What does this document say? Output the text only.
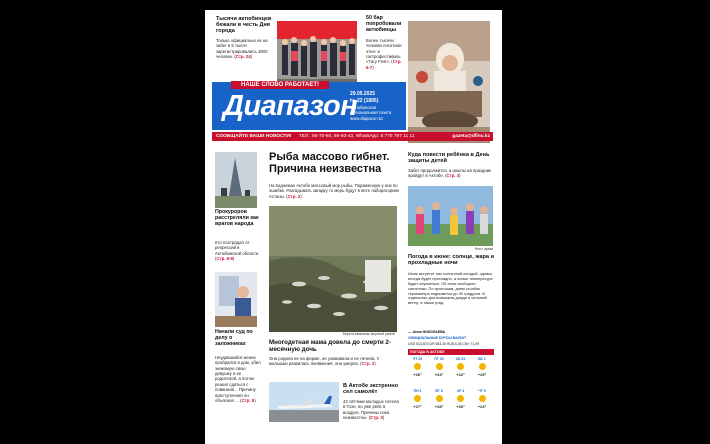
Тысячи актюбинцев бежали в честь Дня города
Только официально их на забег в 5 тысяч зарегистрировались 1800 человек. (Стр. 24)
50 бар попробовали актюбинцы
Более тысячи человек посетили этно- и гастрофестиваль «Тагу Fest». (Стр. 6-7)
НАШЕ СЛОВО РАБОТАЕТ!
Диапазон
29.05.2025
№ 22 (1895)
Актюбинская региональная газета
www.diapazon.kz
СООБЩАЙТЕ ВАШИ НОВОСТИ! ТЕЛ.: 56-70-60, 56-93-43, WhatsApp: 8 775 797 11 11	gazeta@dfinu.kz
Прокуроров расстреляли как врагов народа
Кто пострадал от репрессий в Актюбинской области (Стр. 8-9)
Начали суд по делу о заложниках
Неудавшийся жених пробрался в дом, убил знакомую свою девушку и ее родителей, а потом решил сдаться с повинной... Причину преступления он объяснил ... (Стр. 5)
Рыба массово гибнет. Причина неизвестна
На водоемах Актобе массовый мор рыбы. Пораженную у них по ошибке. Разгадывать загадку то мерь будут в вете лабораториях Астаны. (Стр. 2)
Берега завалены мертвой рыбой
Куда повести ребёнка в День защиты детей
Забег продолжится, а школы на праздник пройдут в Актобе. (Стр. 3)
Фото: архив
Погода в июне: солнце, жара и прохладные ночи
Июнь встретит нас солнечной погодой, однако иногда будет прохладно, а ночью температура будет опускаться. Об этом сообщили синоптики. По прогнозам, днем столбик термометра поднимется до 30 градусов. В отдельные дни возможны дожди и сильный ветер, а также град.
— Анна НИКОЛАЕВА
ОФИЦИАЛЬНЫЕ КУРСЫ ВАЛЮТ
USD 513,60 EUR 583,36 RUB 6,45 CNY 71,09
ПОГОДА В АКТОБЕ
ЧТ 29
+26°
ПТ 30
+24°
СБ 31
+22°
ВС 1
+25°
ПН 2
+27°
ВТ 3
+28°
СР 4
+26°
ЧТ 5
+23°
Многодетная мама довела до смерти 2-месячную дочь
Она родила ее на ферме, не ухаживала и не лечила. У малышки развилась пневмония, она умерла. (Стр. 2)
В Актобе экстренно сел самолёт
43 лётчики молодых летела в Гоэн, но уже рейс в воздухе. Причины пока неизвестны. (Стр. 3)
